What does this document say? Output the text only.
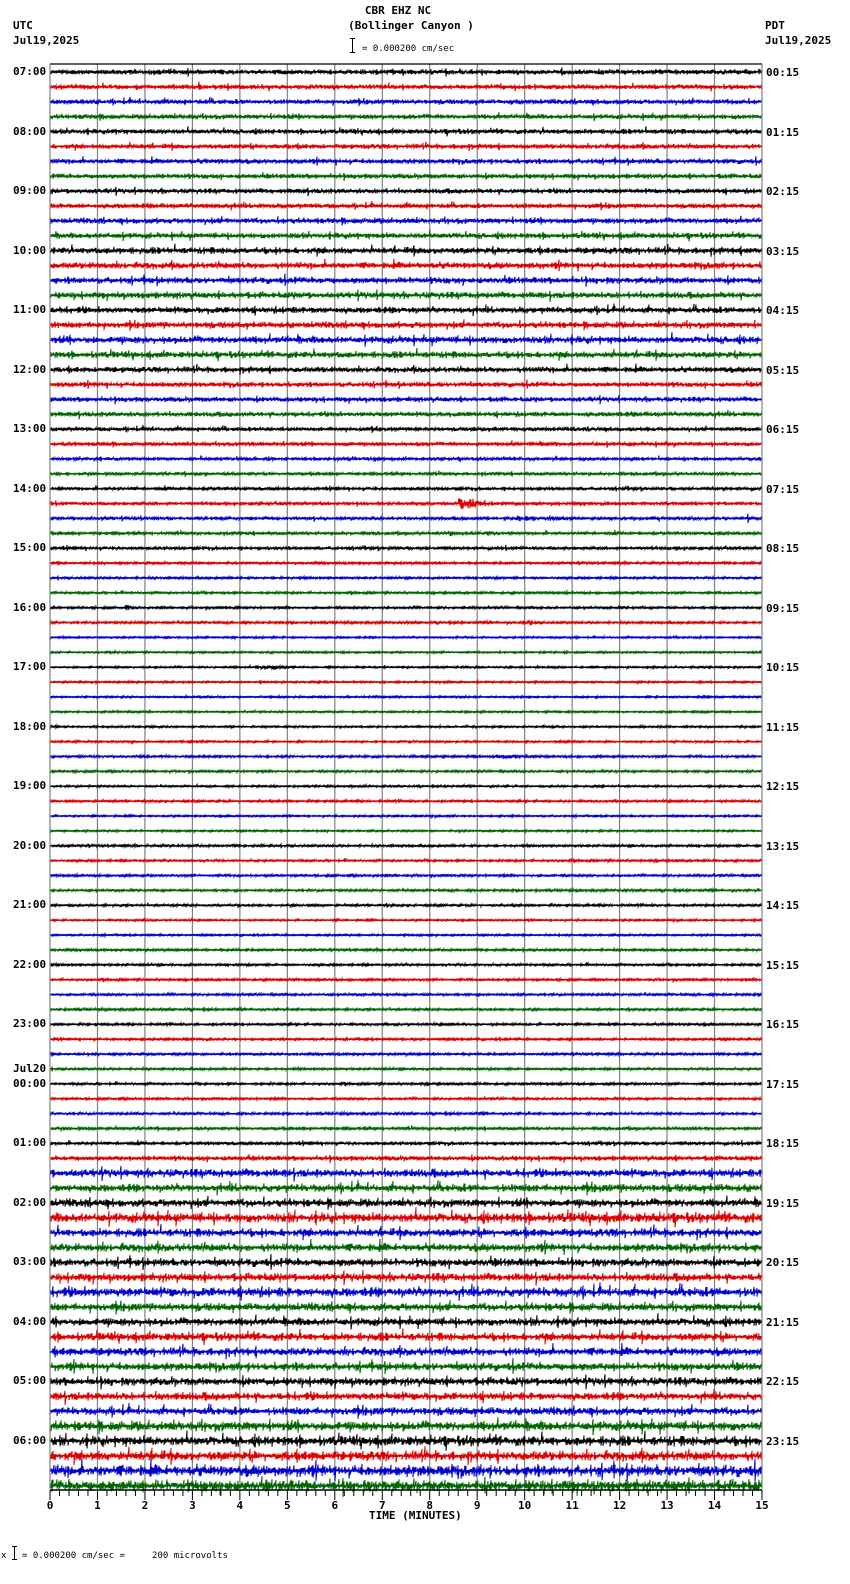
CBR EHZ NC
(Bollinger Canyon )
UTC
Jul19,2025
PDT
Jul19,2025
= 0.000200 cm/sec
07:00
08:00
09:00
10:00
11:00
12:00
13:00
14:00
15:00
16:00
17:00
18:00
19:00
20:00
21:00
22:00
23:00
Jul20
00:00
01:00
02:00
03:00
04:00
05:00
06:00
00:15
01:15
02:15
03:15
04:15
05:15
06:15
07:15
08:15
09:15
10:15
11:15
12:15
13:15
14:15
15:15
16:15
17:15
18:15
19:15
20:15
21:15
22:15
23:15
0	1	2	3	4	5	6	7	8	9	10	11	12	13	14	15
TIME (MINUTES)
x = 0.000200 cm/sec =     200 microvolts
